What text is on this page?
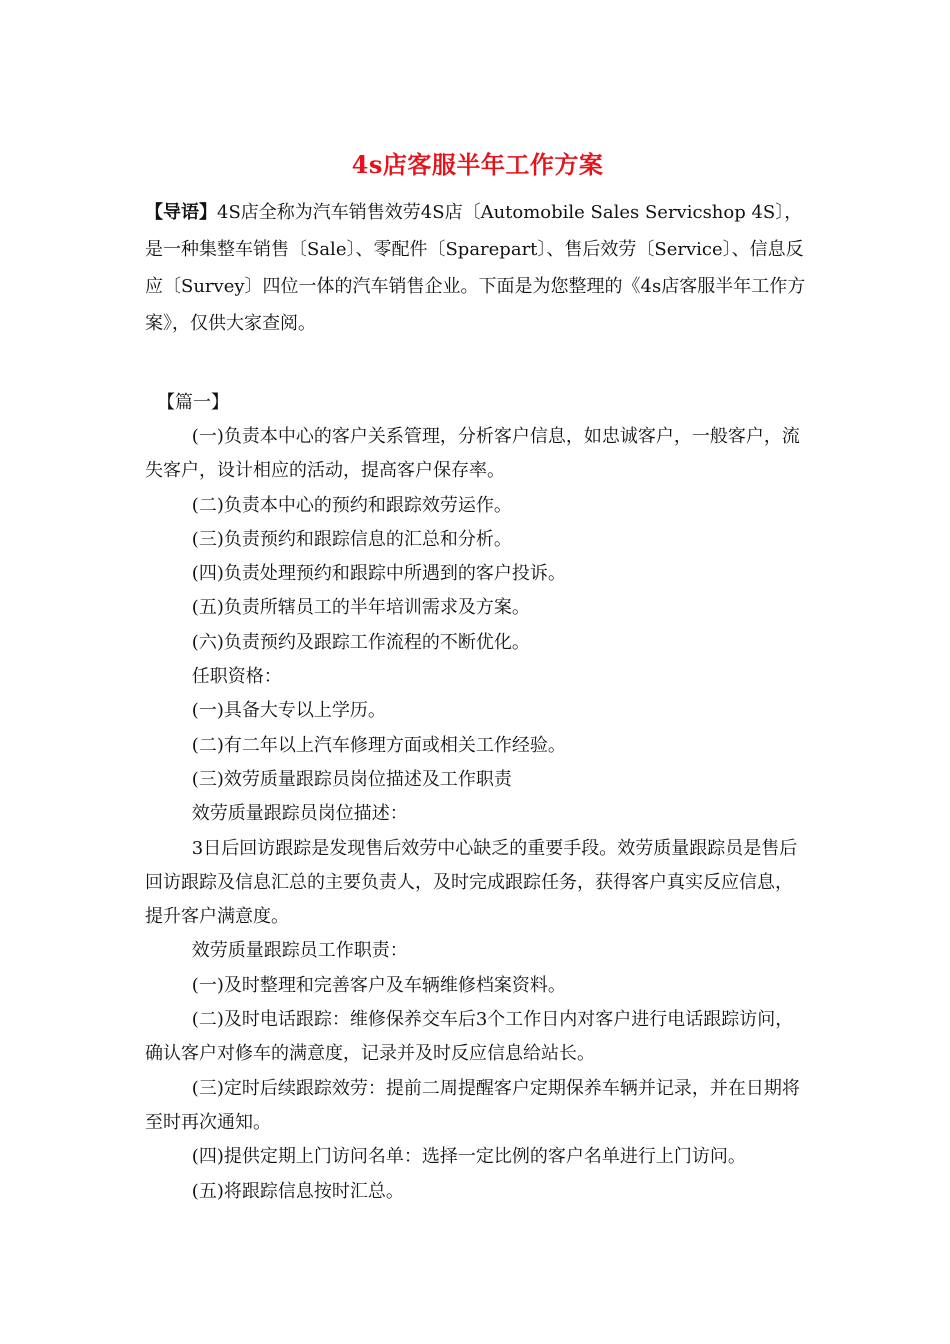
4s店客服半年工作方案

【导语】4S店全称为汽车销售效劳4S店〔Automobile Sales Servicshop 4S〕，是一种集整车销售〔Sale〕、零配件〔Sparepart〕、售后效劳〔Service〕、信息反应〔Survey〕四位一体的汽车销售企业。下面是为您整理的《4s店客服半年工作方案》，仅供大家查阅。

【篇一】

(一)负责本中心的客户关系管理，分析客户信息，如忠诚客户，一般客户，流失客户，设计相应的活动，提高客户保存率。

(二)负责本中心的预约和跟踪效劳运作。

(三)负责预约和跟踪信息的汇总和分析。

(四)负责处理预约和跟踪中所遇到的客户投诉。

(五)负责所辖员工的半年培训需求及方案。

(六)负责预约及跟踪工作流程的不断优化。

任职资格：

(一)具备大专以上学历。

(二)有二年以上汽车修理方面或相关工作经验。

(三)效劳质量跟踪员岗位描述及工作职责

效劳质量跟踪员岗位描述：

3日后回访跟踪是发现售后效劳中心缺乏的重要手段。效劳质量跟踪员是售后回访跟踪及信息汇总的主要负责人，及时完成跟踪任务，获得客户真实反应信息，提升客户满意度。

效劳质量跟踪员工作职责：

(一)及时整理和完善客户及车辆维修档案资料。

(二)及时电话跟踪：维修保养交车后3个工作日内对客户进行电话跟踪访问，确认客户对修车的满意度，记录并及时反应信息给站长。

(三)定时后续跟踪效劳：提前二周提醒客户定期保养车辆并记录，并在日期将至时再次通知。

(四)提供定期上门访问名单：选择一定比例的客户名单进行上门访问。

(五)将跟踪信息按时汇总。
